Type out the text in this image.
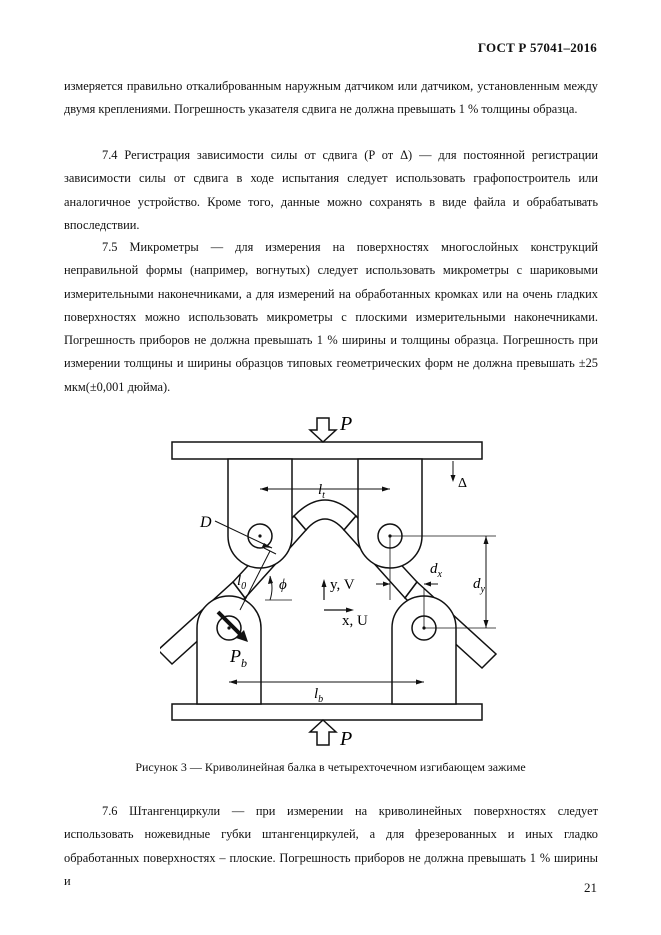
ГОСТ Р 57041–2016
измеряется правильно откалиброванным наружным датчиком или датчиком, установленным между двумя креплениями. Погрешность указателя сдвига не должна превышать 1 % толщины образца.
7.4 Регистрация зависимости силы от сдвига (P от Δ) — для постоянной регистрации зависимости силы от сдвига в ходе испытания следует использовать графопостроитель или аналогичное устройство. Кроме того, данные можно сохранять в виде файла и обрабатывать впоследствии.
7.5 Микрометры — для измерения на поверхностях многослойных конструкций неправильной формы (например, вогнутых) следует использовать микрометры с шариковыми измерительными наконечниками, а для измерений на обработанных кромках или на очень гладких поверхностях можно использовать микрометры с плоскими измерительными наконечниками. Погрешность приборов не должна превышать 1 % ширины и толщины образца. Погрешность при измерении толщины и ширины образцов типовых геометрических форм не должна превышать ±25 мкм(±0,001 дюйма).
P
P
Δ
$l_t$
D
$d_x$
$d_y$
y, V
x, U
ϕ
$l_0$
$P_b$
$l_b$
Рисунок 3 — Криволинейная балка в четырехточечном изгибающем зажиме
7.6 Штангенциркули — при измерении на криволинейных поверхностях следует использовать ножевидные губки штангенциркулей, а для фрезерованных и иных гладко обработанных поверхностях – плоские. Погрешность приборов не должна превышать 1 % ширины и	21
